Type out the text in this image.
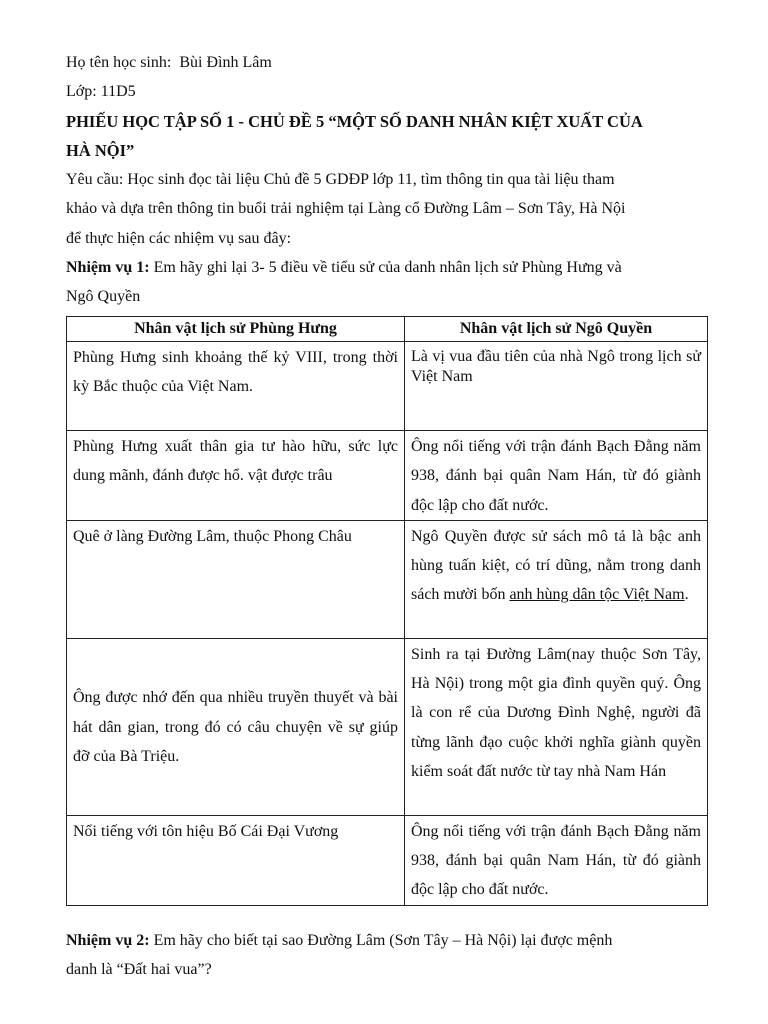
Họ tên học sinh: Bùi Đình Lâm

Lớp: 11D5

PHIẾU HỌC TẬP SỐ 1 - CHỦ ĐỀ 5 “MỘT SỐ DANH NHÂN KIỆT XUẤT CỦA

HÀ NỘI”

Yêu cầu: Học sinh đọc tài liệu Chủ đề 5 GDĐP lớp 11, tìm thông tin qua tài liệu tham

khảo và dựa trên thông tin buổi trải nghiệm tại Làng cổ Đường Lâm – Sơn Tây, Hà Nội

để thực hiện các nhiệm vụ sau đây:

Nhiệm vụ 1: Em hãy ghi lại 3- 5 điều về tiểu sử của danh nhân lịch sử Phùng Hưng và

Ngô Quyền

Nhân vật lịch sử Phùng Hưng	Nhân vật lịch sử Ngô Quyền
Phùng Hưng sinh khoảng thế kỷ VIII, trong thời kỳ Bắc thuộc của Việt Nam.	Là vị vua đầu tiên của nhà Ngô trong lịch sử Việt Nam
Phùng Hưng xuất thân gia tư hào hữu, sức lực dung mãnh, đánh được hổ. vật được trâu	Ông nổi tiếng với trận đánh Bạch Đằng năm 938, đánh bại quân Nam Hán, từ đó giành độc lập cho đất nước.
Quê ở làng Đường Lâm, thuộc Phong Châu	Ngô Quyền được sử sách mô tả là bậc anh hùng tuấn kiệt, có trí dũng, nằm trong danh sách mười bốn anh hùng dân tộc Việt Nam.
Ông được nhớ đến qua nhiều truyền thuyết và bài hát dân gian, trong đó có câu chuyện về sự giúp đỡ của Bà Triệu.	Sinh ra tại Đường Lâm(nay thuộc Sơn Tây, Hà Nội) trong một gia đình quyền quý. Ông là con rể của Dương Đình Nghệ, người đã từng lãnh đạo cuộc khởi nghĩa giành quyền kiểm soát đất nước từ tay nhà Nam Hán
Nổi tiếng với tôn hiệu Bố Cái Đại Vương	Ông nổi tiếng với trận đánh Bạch Đằng năm 938, đánh bại quân Nam Hán, từ đó giành độc lập cho đất nước.

Nhiệm vụ 2: Em hãy cho biết tại sao Đường Lâm (Sơn Tây – Hà Nội) lại được mệnh

danh là “Đất hai vua”?
